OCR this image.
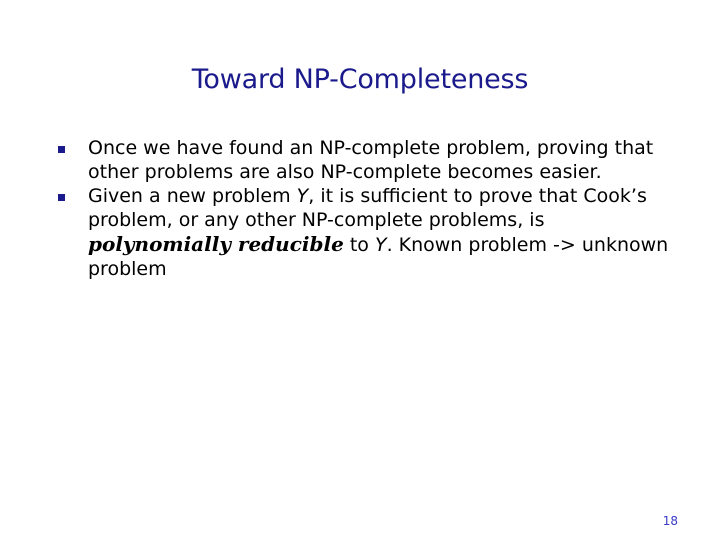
Toward NP-Completeness
Once we have found an NP-complete problem, proving that other problems are also NP-complete becomes easier.
Given a new problem Y, it is sufficient to prove that Cook’s problem, or any other NP-complete problems, is polynomially reducible to Y. Known problem -> unknown problem
18
